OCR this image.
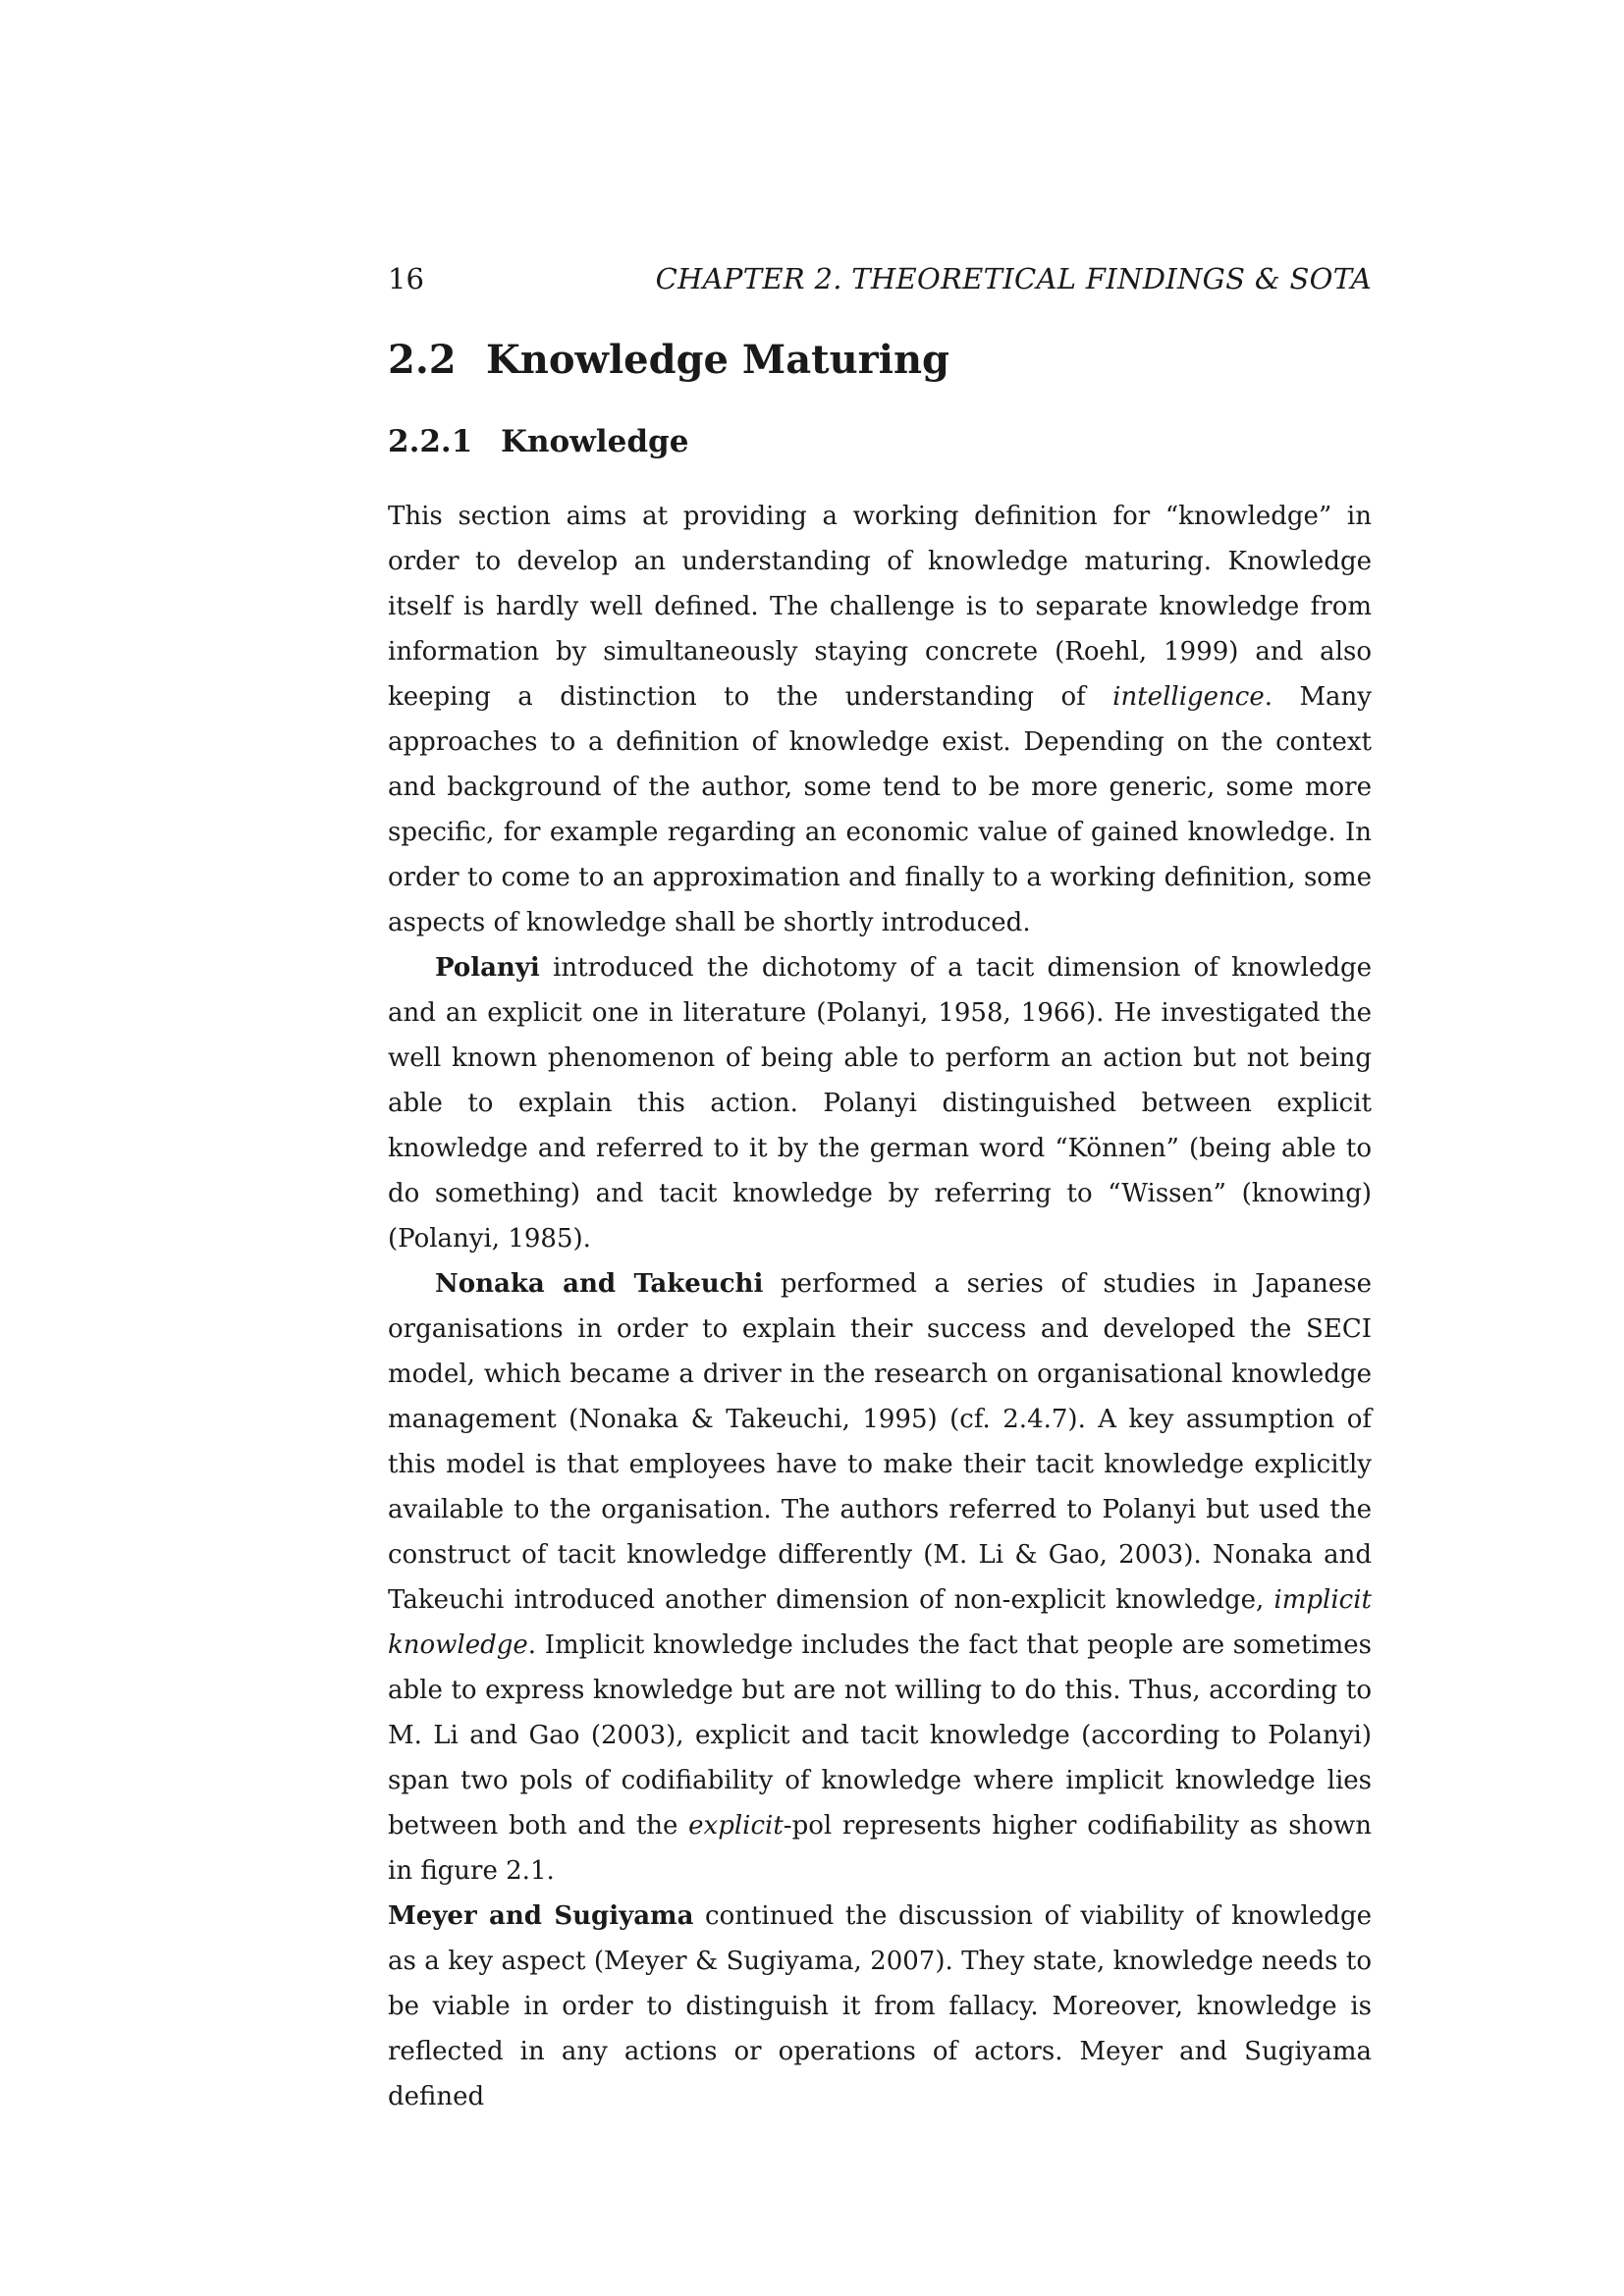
16	CHAPTER 2. THEORETICAL FINDINGS & SOTA
2.2 Knowledge Maturing
2.2.1 Knowledge

This section aims at providing a working definition for “knowledge” in order to develop an understanding of knowledge maturing. Knowledge itself is hardly well defined. The challenge is to separate knowledge from information by simultaneously staying concrete (Roehl, 1999) and also keeping a distinction to the understanding of intelligence. Many approaches to a definition of knowledge exist. Depending on the context and background of the author, some tend to be more generic, some more specific, for example regarding an economic value of gained knowledge. In order to come to an approximation and finally to a working definition, some aspects of knowledge shall be shortly introduced.

Polanyi introduced the dichotomy of a tacit dimension of knowledge and an explicit one in literature (Polanyi, 1958, 1966). He investigated the well known phenomenon of being able to perform an action but not being able to explain this action. Polanyi distinguished between explicit knowledge and referred to it by the german word “Können” (being able to do something) and tacit knowledge by referring to “Wissen” (knowing) (Polanyi, 1985).

Nonaka and Takeuchi performed a series of studies in Japanese organisations in order to explain their success and developed the SECI model, which became a driver in the research on organisational knowledge management (Nonaka & Takeuchi, 1995) (cf. 2.4.7). A key assumption of this model is that employees have to make their tacit knowledge explicitly available to the organisation. The authors referred to Polanyi but used the construct of tacit knowledge differently (M. Li & Gao, 2003). Nonaka and Takeuchi introduced another dimension of non-explicit knowledge, implicit knowledge. Implicit knowledge includes the fact that people are sometimes able to express knowledge but are not willing to do this. Thus, according to M. Li and Gao (2003), explicit and tacit knowledge (according to Polanyi) span two pols of codifiability of knowledge where implicit knowledge lies between both and the explicit-pol represents higher codifiability as shown in figure 2.1.

Meyer and Sugiyama continued the discussion of viability of knowledge as a key aspect (Meyer & Sugiyama, 2007). They state, knowledge needs to be viable in order to distinguish it from fallacy. Moreover, knowledge is reflected in any actions or operations of actors. Meyer and Sugiyama defined
